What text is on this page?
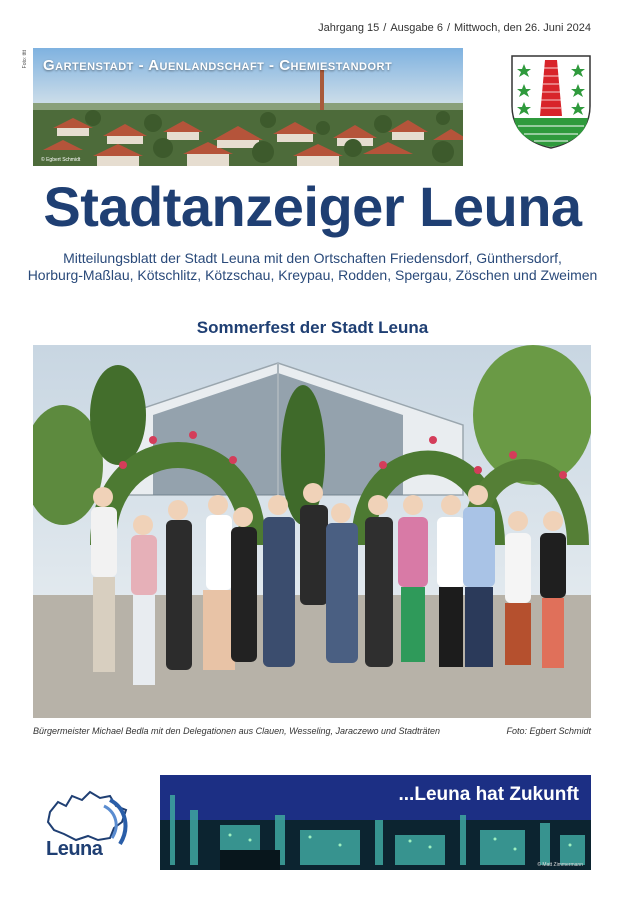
Jahrgang 15 / Ausgabe 6 / Mittwoch, den 26. Juni 2024
Foto: tttt Gartenstadt - Auenlandschaft - Chemiestandort
© Egbert Schmidt
Stadtanzeiger Leuna
Mitteilungsblatt der Stadt Leuna mit den Ortschaften Friedensdorf, Günthersdorf,
Horburg-Maßlau, Kötschlitz, Kötzschau, Kreypau, Rodden, Spergau, Zöschen und Zweimen
Sommerfest der Stadt Leuna
Bürgermeister Michael Bedla mit den Delegationen aus Clauen, Wesseling, Jaraczewo und Stadträten	Foto: Egbert Schmidt
Leuna
...Leuna hat Zukunft
© Matt Zimmermann
